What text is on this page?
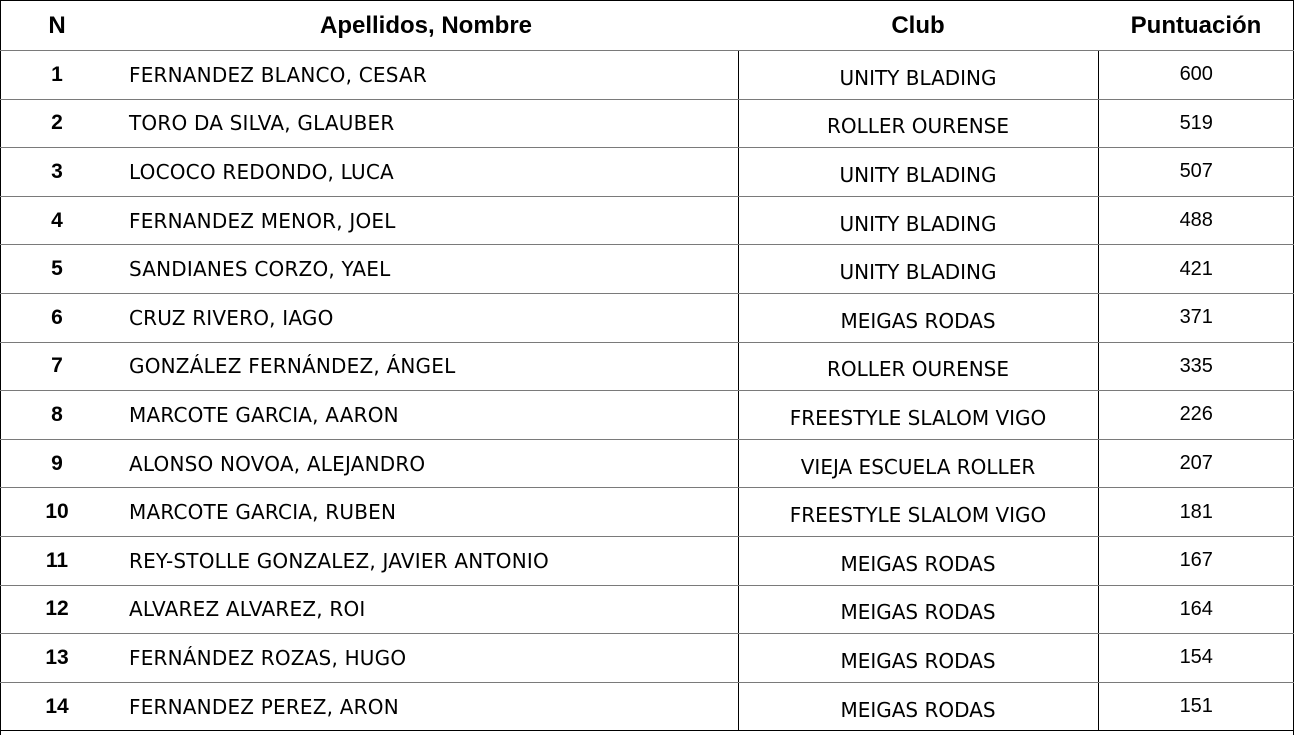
N	Apellidos, Nombre	Club	Puntuación
1	FERNANDEZ BLANCO, CESAR	UNITY BLADING	600
2	TORO DA SILVA, GLAUBER	ROLLER OURENSE	519
3	LOCOCO REDONDO, LUCA	UNITY BLADING	507
4	FERNANDEZ MENOR, JOEL	UNITY BLADING	488
5	SANDIANES CORZO, YAEL	UNITY BLADING	421
6	CRUZ RIVERO, IAGO	MEIGAS RODAS	371
7	GONZÁLEZ FERNÁNDEZ, ÁNGEL	ROLLER OURENSE	335
8	MARCOTE GARCIA, AARON	FREESTYLE SLALOM VIGO	226
9	ALONSO NOVOA, ALEJANDRO	VIEJA ESCUELA ROLLER	207
10	MARCOTE GARCIA, RUBEN	FREESTYLE SLALOM VIGO	181
11	REY-STOLLE GONZALEZ, JAVIER ANTONIO	MEIGAS RODAS	167
12	ALVAREZ ALVAREZ, ROI	MEIGAS RODAS	164
13	FERNÁNDEZ ROZAS, HUGO	MEIGAS RODAS	154
14	FERNANDEZ PEREZ, ARON	MEIGAS RODAS	151
